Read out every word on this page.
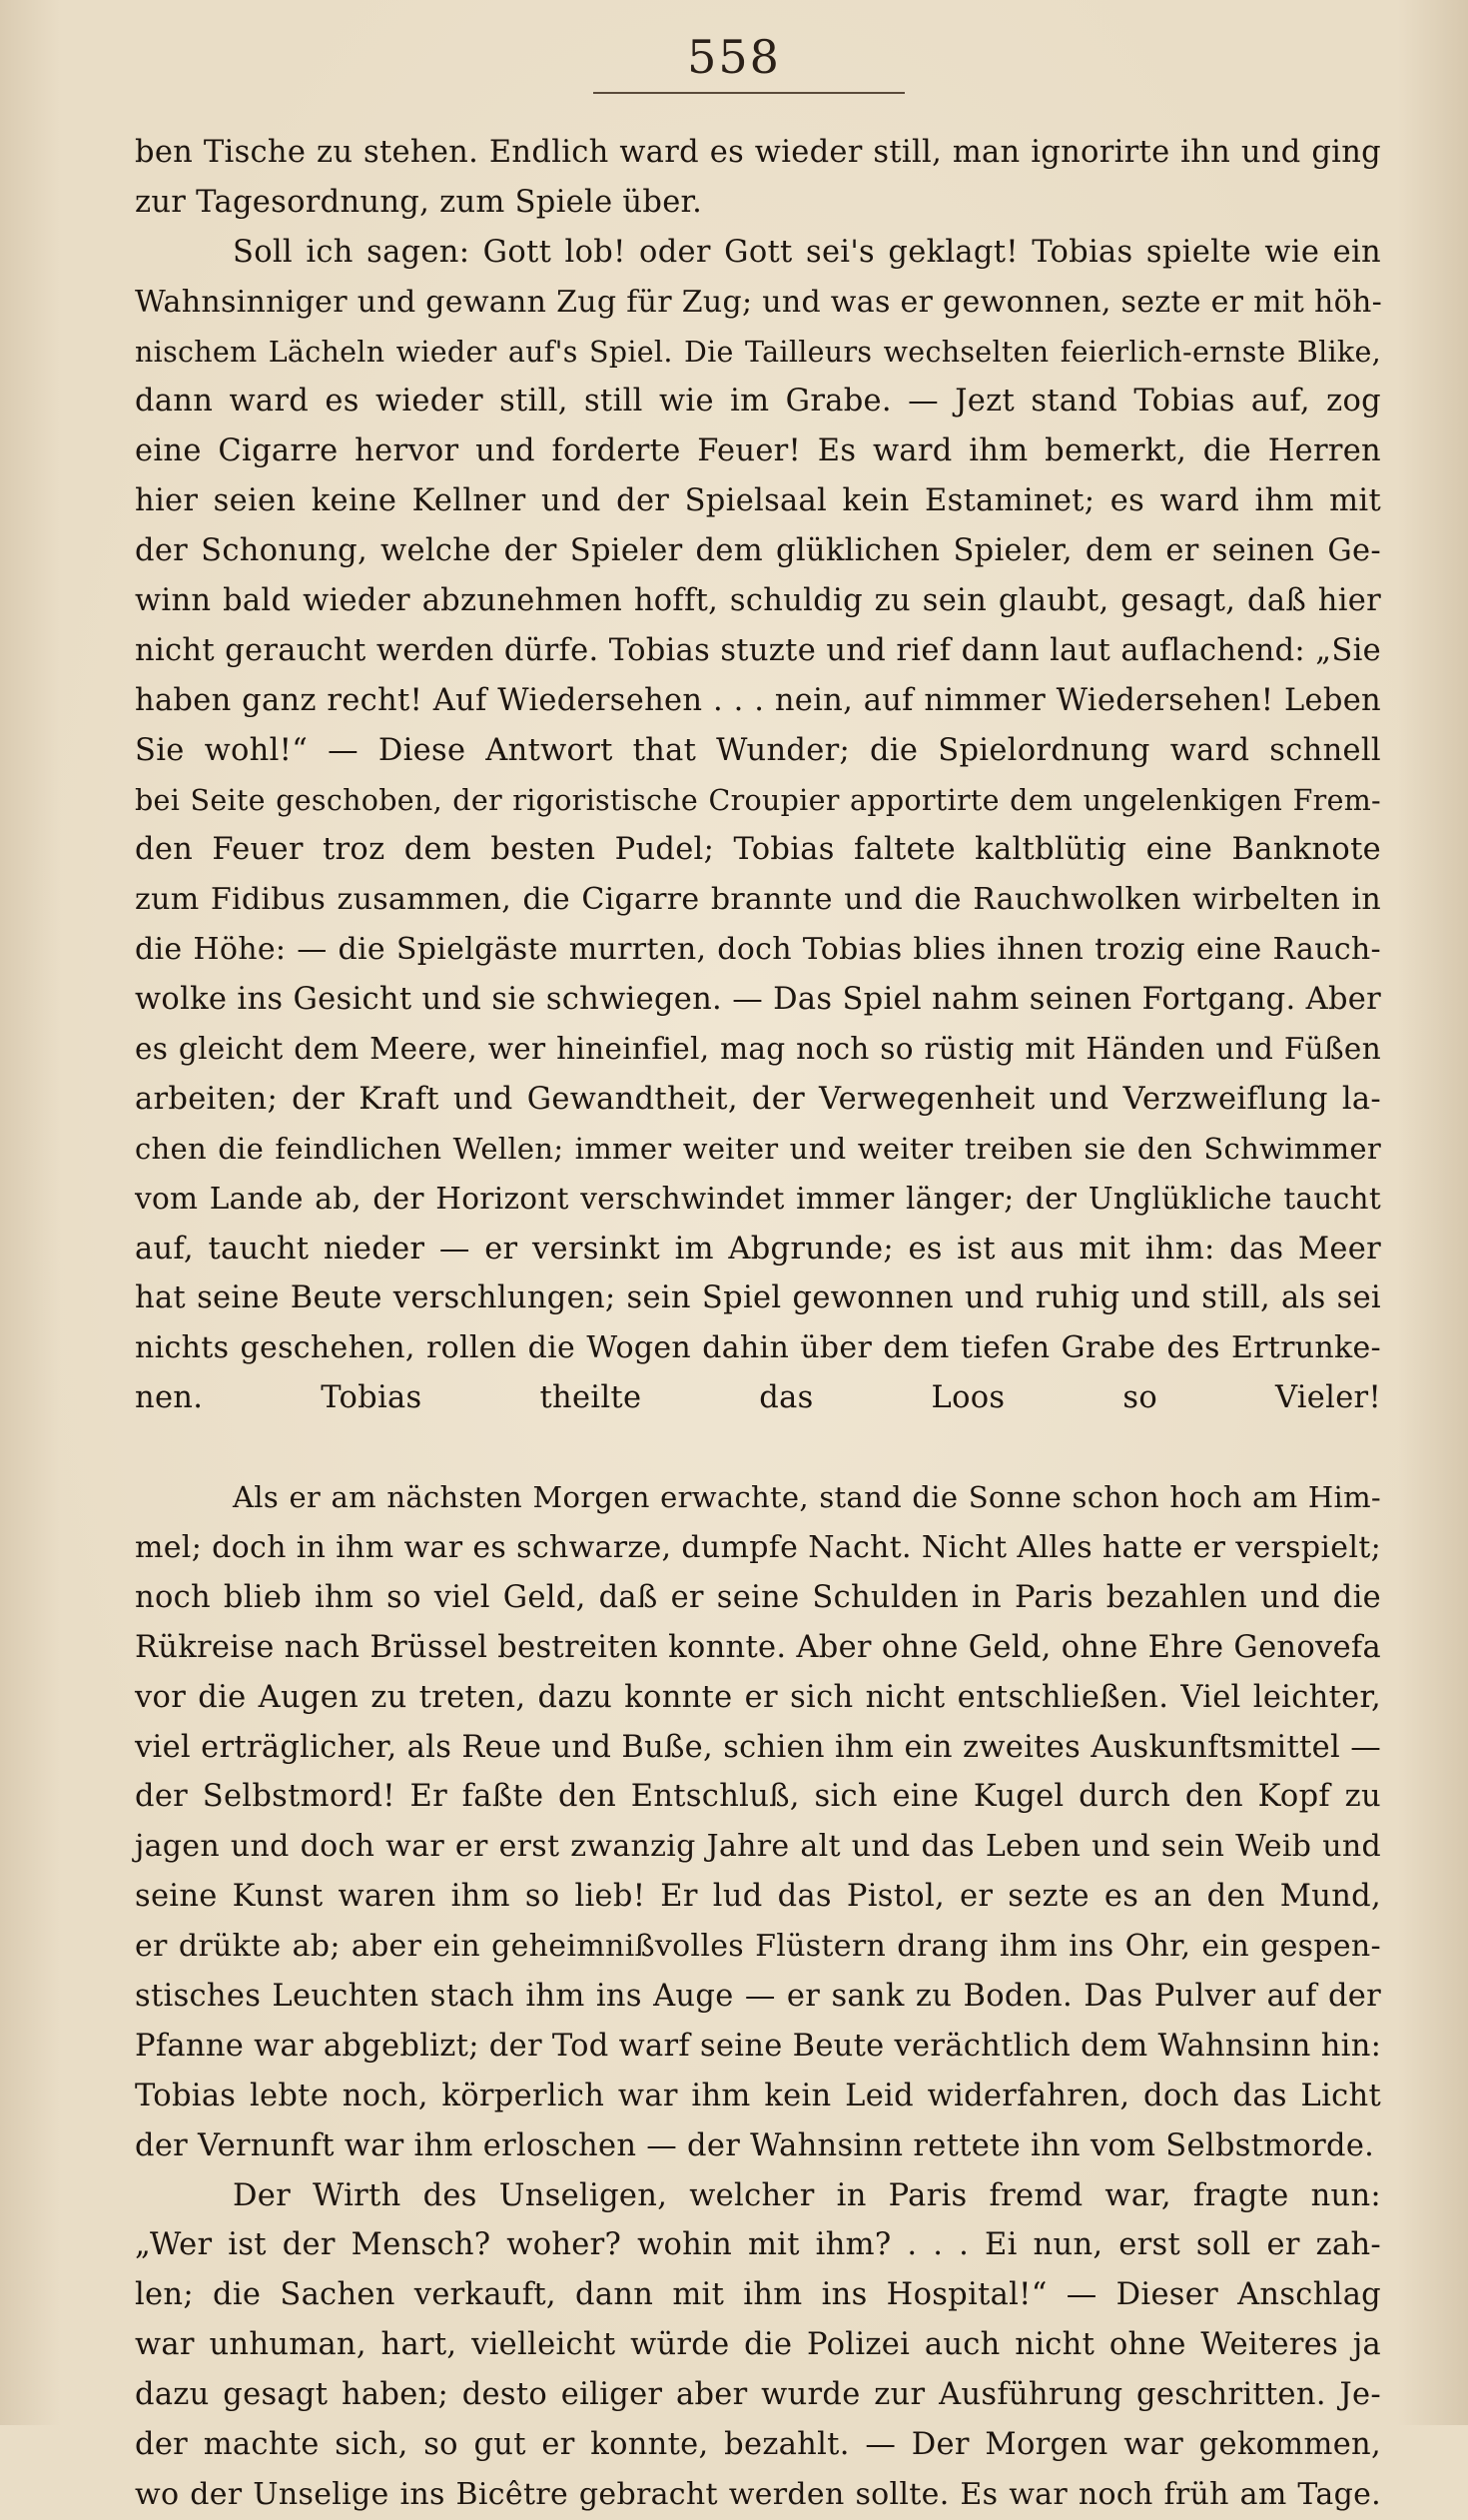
558
ben Tische zu stehen. Endlich ward es wieder still, man ignorirte ihn und ging
zur Tagesordnung, zum Spiele über.
Soll ich sagen: Gott lob! oder Gott sei's geklagt! Tobias spielte wie ein
Wahnsinniger und gewann Zug für Zug; und was er gewonnen, sezte er mit höh-
nischem Lächeln wieder auf's Spiel. Die Tailleurs wechselten feierlich-ernste Blike,
dann ward es wieder still, still wie im Grabe. — Jezt stand Tobias auf, zog
eine Cigarre hervor und forderte Feuer! Es ward ihm bemerkt, die Herren
hier seien keine Kellner und der Spielsaal kein Estaminet; es ward ihm mit
der Schonung, welche der Spieler dem glüklichen Spieler, dem er seinen Ge-
winn bald wieder abzunehmen hofft, schuldig zu sein glaubt, gesagt, daß hier
nicht geraucht werden dürfe. Tobias stuzte und rief dann laut auflachend: „Sie
haben ganz recht! Auf Wiedersehen . . . nein, auf nimmer Wiedersehen! Leben
Sie wohl!“ — Diese Antwort that Wunder; die Spielordnung ward schnell
bei Seite geschoben, der rigoristische Croupier apportirte dem ungelenkigen Frem-
den Feuer troz dem besten Pudel; Tobias faltete kaltblütig eine Banknote
zum Fidibus zusammen, die Cigarre brannte und die Rauchwolken wirbelten in
die Höhe: — die Spielgäste murrten, doch Tobias blies ihnen trozig eine Rauch-
wolke ins Gesicht und sie schwiegen. — Das Spiel nahm seinen Fortgang. Aber
es gleicht dem Meere, wer hineinfiel, mag noch so rüstig mit Händen und Füßen
arbeiten; der Kraft und Gewandtheit, der Verwegenheit und Verzweiflung la-
chen die feindlichen Wellen; immer weiter und weiter treiben sie den Schwimmer
vom Lande ab, der Horizont verschwindet immer länger; der Unglükliche taucht
auf, taucht nieder — er versinkt im Abgrunde; es ist aus mit ihm: das Meer
hat seine Beute verschlungen; sein Spiel gewonnen und ruhig und still, als sei
nichts geschehen, rollen die Wogen dahin über dem tiefen Grabe des Ertrunke-
nen. Tobias theilte das Loos so Vieler!
Als er am nächsten Morgen erwachte, stand die Sonne schon hoch am Him-
mel; doch in ihm war es schwarze, dumpfe Nacht. Nicht Alles hatte er verspielt;
noch blieb ihm so viel Geld, daß er seine Schulden in Paris bezahlen und die
Rükreise nach Brüssel bestreiten konnte. Aber ohne Geld, ohne Ehre Genovefa
vor die Augen zu treten, dazu konnte er sich nicht entschließen. Viel leichter,
viel erträglicher, als Reue und Buße, schien ihm ein zweites Auskunftsmittel —
der Selbstmord! Er faßte den Entschluß, sich eine Kugel durch den Kopf zu
jagen und doch war er erst zwanzig Jahre alt und das Leben und sein Weib und
seine Kunst waren ihm so lieb! Er lud das Pistol, er sezte es an den Mund,
er drükte ab; aber ein geheimnißvolles Flüstern drang ihm ins Ohr, ein gespen-
stisches Leuchten stach ihm ins Auge — er sank zu Boden. Das Pulver auf der
Pfanne war abgeblizt; der Tod warf seine Beute verächtlich dem Wahnsinn hin:
Tobias lebte noch, körperlich war ihm kein Leid widerfahren, doch das Licht
der Vernunft war ihm erloschen — der Wahnsinn rettete ihn vom Selbstmorde.
Der Wirth des Unseligen, welcher in Paris fremd war, fragte nun:
„Wer ist der Mensch? woher? wohin mit ihm? . . . Ei nun, erst soll er zah-
len; die Sachen verkauft, dann mit ihm ins Hospital!“ — Dieser Anschlag
war unhuman, hart, vielleicht würde die Polizei auch nicht ohne Weiteres ja
dazu gesagt haben; desto eiliger aber wurde zur Ausführung geschritten. Je-
der machte sich, so gut er konnte, bezahlt. — Der Morgen war gekommen,
wo der Unselige ins Bicêtre gebracht werden sollte. Es war noch früh am Tage.
